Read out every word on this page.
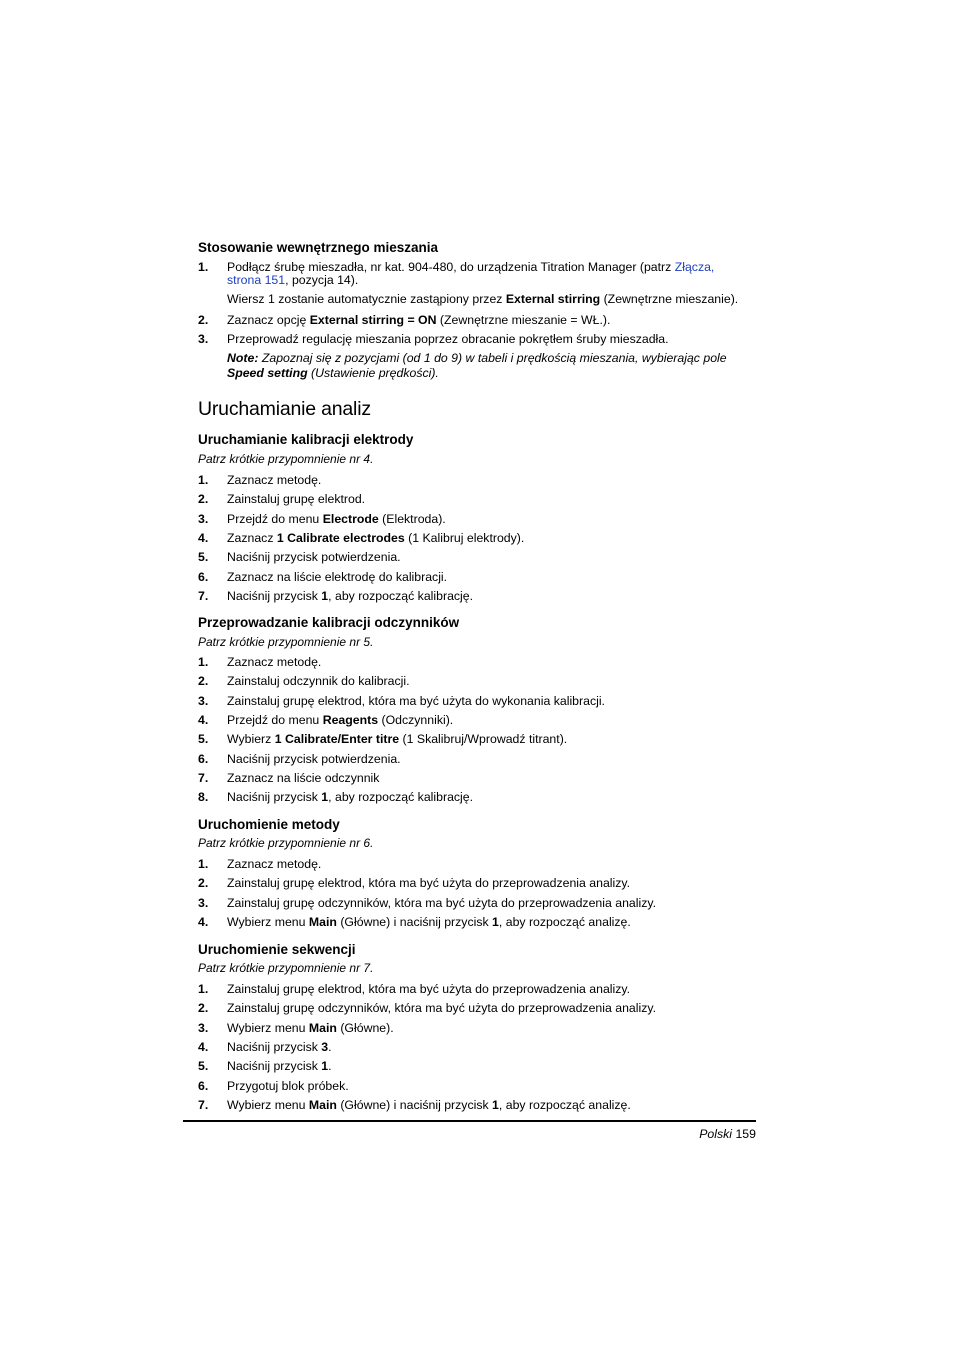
Stosowanie wewnętrznego mieszania
1. Podłącz śrubę mieszadła, nr kat. 904-480, do urządzenia Titration Manager (patrz Złącza,
strona 151, pozycja 14).
Wiersz 1 zostanie automatycznie zastąpiony przez External stirring (Zewnętrzne mieszanie).
2. Zaznacz opcję External stirring = ON (Zewnętrzne mieszanie = WŁ.).
3. Przeprowadź regulację mieszania poprzez obracanie pokrętłem śruby mieszadła.
Note: Zapoznaj się z pozycjami (od 1 do 9) w tabeli i prędkością mieszania, wybierając pole
Speed setting (Ustawienie prędkości).
Uruchamianie analiz
Uruchamianie kalibracji elektrody
Patrz krótkie przypomnienie nr 4.
1. Zaznacz metodę.
2. Zainstaluj grupę elektrod.
3. Przejdź do menu Electrode (Elektroda).
4. Zaznacz 1 Calibrate electrodes (1 Kalibruj elektrody).
5. Naciśnij przycisk potwierdzenia.
6. Zaznacz na liście elektrodę do kalibracji.
7. Naciśnij przycisk 1, aby rozpocząć kalibrację.
Przeprowadzanie kalibracji odczynników
Patrz krótkie przypomnienie nr 5.
1. Zaznacz metodę.
2. Zainstaluj odczynnik do kalibracji.
3. Zainstaluj grupę elektrod, która ma być użyta do wykonania kalibracji.
4. Przejdź do menu Reagents (Odczynniki).
5. Wybierz 1 Calibrate/Enter titre (1 Skalibruj/Wprowadź titrant).
6. Naciśnij przycisk potwierdzenia.
7. Zaznacz na liście odczynnik
8. Naciśnij przycisk 1, aby rozpocząć kalibrację.
Uruchomienie metody
Patrz krótkie przypomnienie nr 6.
1. Zaznacz metodę.
2. Zainstaluj grupę elektrod, która ma być użyta do przeprowadzenia analizy.
3. Zainstaluj grupę odczynników, która ma być użyta do przeprowadzenia analizy.
4. Wybierz menu Main (Główne) i naciśnij przycisk 1, aby rozpocząć analizę.
Uruchomienie sekwencji
Patrz krótkie przypomnienie nr 7.
1. Zainstaluj grupę elektrod, która ma być użyta do przeprowadzenia analizy.
2. Zainstaluj grupę odczynników, która ma być użyta do przeprowadzenia analizy.
3. Wybierz menu Main (Główne).
4. Naciśnij przycisk 3.
5. Naciśnij przycisk 1.
6. Przygotuj blok próbek.
7. Wybierz menu Main (Główne) i naciśnij przycisk 1, aby rozpocząć analizę.
Polski 159
